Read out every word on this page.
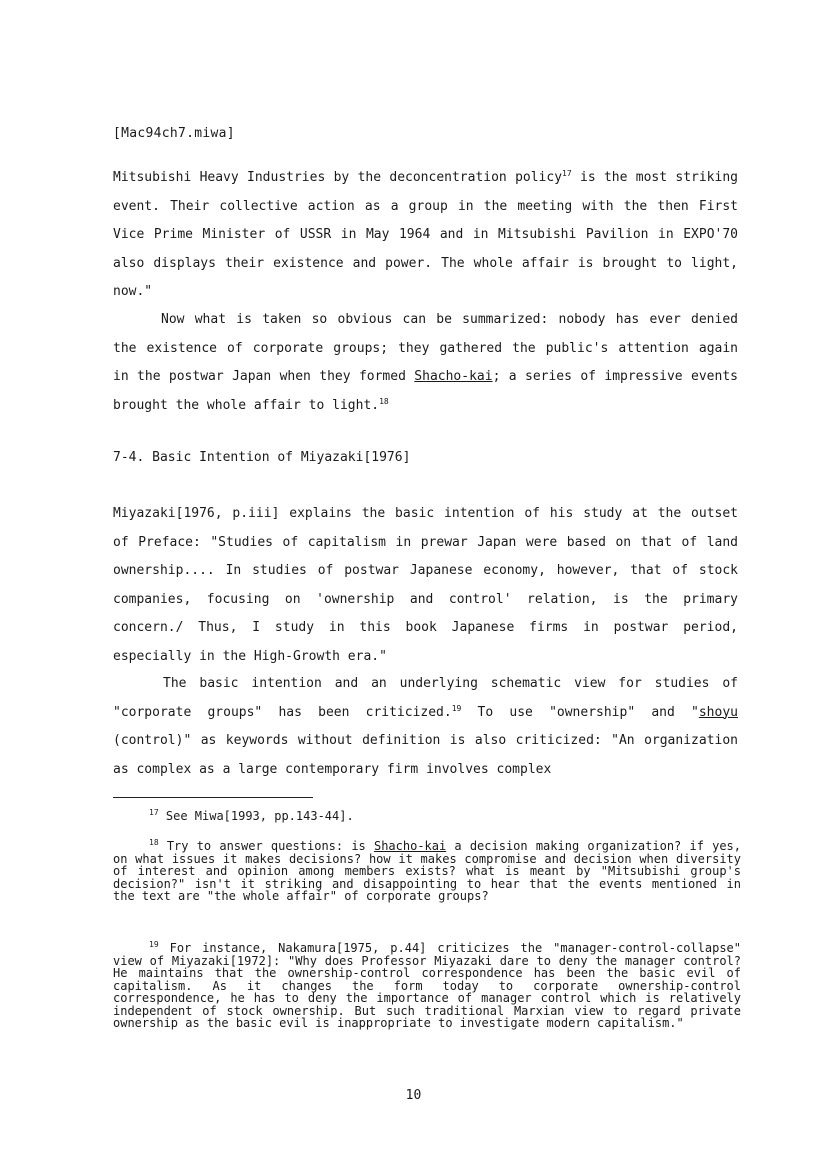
[Mac94ch7.miwa]

Mitsubishi Heavy Industries by the deconcentration policy$^{17}$ is the most striking event. Their collective action as a group in the meeting with the then First Vice Prime Minister of USSR in May 1964 and in Mitsubishi Pavilion in EXPO'70 also displays their existence and power. The whole affair is brought to light, now."

Now what is taken so obvious can be summarized: nobody has ever denied the existence of corporate groups; they gathered the public's attention again in the postwar Japan when they formed Shacho-kai; a series of impressive events brought the whole affair to light.$^{18}$

7-4. Basic Intention of Miyazaki[1976]

Miyazaki[1976, p.iii] explains the basic intention of his study at the outset of Preface: "Studies of capitalism in prewar Japan were based on that of land ownership.... In studies of postwar Japanese economy, however, that of stock companies, focusing on 'ownership and control' relation, is the primary concern./ Thus, I study in this book Japanese firms in postwar period, especially in the High-Growth era."

The basic intention and an underlying schematic view for studies of "corporate groups" has been criticized.$^{19}$ To use "ownership" and "shoyu (control)" as keywords without definition is also criticized: "An organization as complex as a large contemporary firm involves complex

$^{17}$ See Miwa[1993, pp.143-44].

$^{18}$ Try to answer questions: is Shacho-kai a decision making organization? if yes, on what issues it makes decisions? how it makes compromise and decision when diversity of interest and opinion among members exists? what is meant by "Mitsubishi group's decision?" isn't it striking and disappointing to hear that the events mentioned in the text are "the whole affair" of corporate groups?

$^{19}$ For instance, Nakamura[1975, p.44] criticizes the "manager-control-collapse" view of Miyazaki[1972]: "Why does Professor Miyazaki dare to deny the manager control? He maintains that the ownership-control correspondence has been the basic evil of capitalism. As it changes the form today to corporate ownership-control correspondence, he has to deny the importance of manager control which is relatively independent of stock ownership. But such traditional Marxian view to regard private ownership as the basic evil is inappropriate to investigate modern capitalism."

10
